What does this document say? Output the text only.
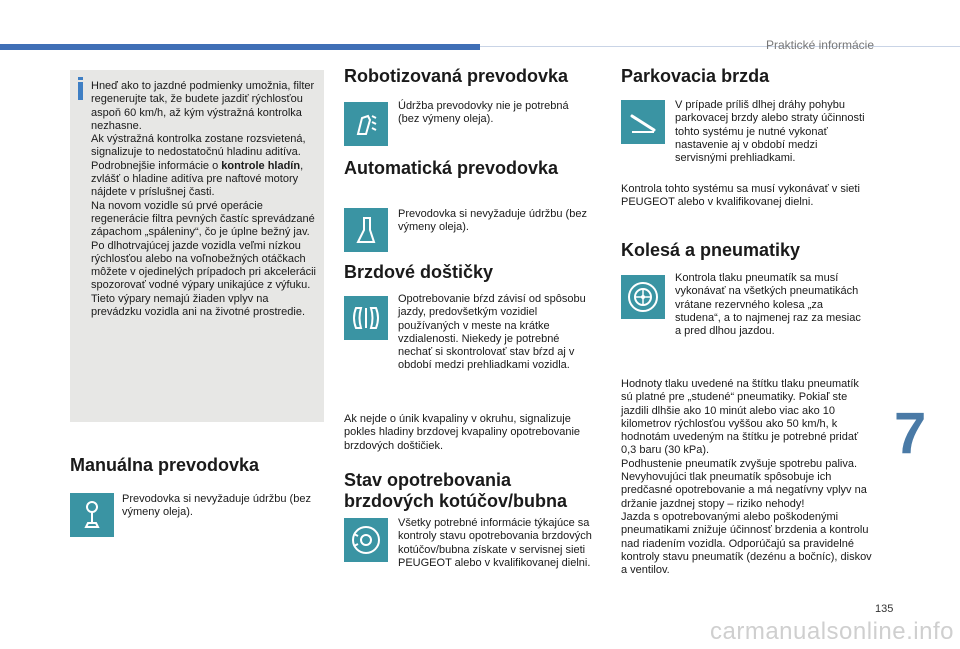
Praktické informácie
Hneď ako to jazdné podmienky umožnia, filter regenerujte tak, že budete jazdiť rýchlosťou aspoň 60 km/h, až kým výstražná kontrolka nezhasne.
Ak výstražná kontrolka zostane rozsvietená, signalizuje to nedostatočnú hladinu aditíva.
Podrobnejšie informácie o kontrole hladín, zvlášť o hladine aditíva pre naftové motory nájdete v príslušnej časti.
Na novom vozidle sú prvé operácie regenerácie filtra pevných častíc sprevádzané zápachom „spáleniny“, čo je úplne bežný jav.
Po dlhotrvajúcej jazde vozidla veľmi nízkou rýchlosťou alebo na voľnobežných otáčkach môžete v ojedinelých prípadoch pri akcelerácii spozorovať vodné výpary unikajúce z výfuku. Tieto výpary nemajú žiaden vplyv na prevádzku vozidla ani na životné prostredie.
Manuálna prevodovka
Prevodovka si nevyžaduje údržbu (bez výmeny oleja).
Robotizovaná prevodovka
Údržba prevodovky nie je potrebná (bez výmeny oleja).
Automatická prevodovka
Prevodovka si nevyžaduje údržbu (bez výmeny oleja).
Brzdové doštičky
Opotrebovanie bŕzd závisí od spôsobu jazdy, predovšetkým vozidiel používaných v meste na krátke vzdialenosti. Niekedy je potrebné nechať si skontrolovať stav bŕzd aj v období medzi prehliadkami vozidla.
Ak nejde o únik kvapaliny v okruhu, signalizuje pokles hladiny brzdovej kvapaliny opotrebovanie brzdových doštičiek.
Stav opotrebovania brzdových kotúčov/bubna
Všetky potrebné informácie týkajúce sa kontroly stavu opotrebovania brzdových kotúčov/bubna získate v servisnej sieti PEUGEOT alebo v kvalifikovanej dielni.
Parkovacia brzda
V prípade príliš dlhej dráhy pohybu parkovacej brzdy alebo straty účinnosti tohto systému je nutné vykonať nastavenie aj v období medzi servisnými prehliadkami.
Kontrola tohto systému sa musí vykonávať v sieti PEUGEOT alebo v kvalifikovanej dielni.
Kolesá a pneumatiky
Kontrola tlaku pneumatík sa musí vykonávať na všetkých pneumatikách vrátane rezervného kolesa „za studena“, a to najmenej raz za mesiac a pred dlhou jazdou.
Hodnoty tlaku uvedené na štítku tlaku pneumatík sú platné pre „studené“ pneumatiky. Pokiaľ ste jazdili dlhšie ako 10 minút alebo viac ako 10 kilometrov rýchlosťou vyššou ako 50 km/h, k hodnotám uvedeným na štítku je potrebné pridať 0,3 baru (30 kPa).
Podhustenie pneumatík zvyšuje spotrebu paliva. Nevyhovujúci tlak pneumatík spôsobuje ich predčasné opotrebovanie a má negatívny vplyv na držanie jazdnej stopy – riziko nehody!
Jazda s opotrebovanými alebo poškodenými pneumatikami znižuje účinnosť brzdenia a kontrolu nad riadením vozidla. Odporúčajú sa pravidelné kontroly stavu pneumatík (dezénu a bočníc), diskov a ventilov.
7
135
carmanualsonline.info
